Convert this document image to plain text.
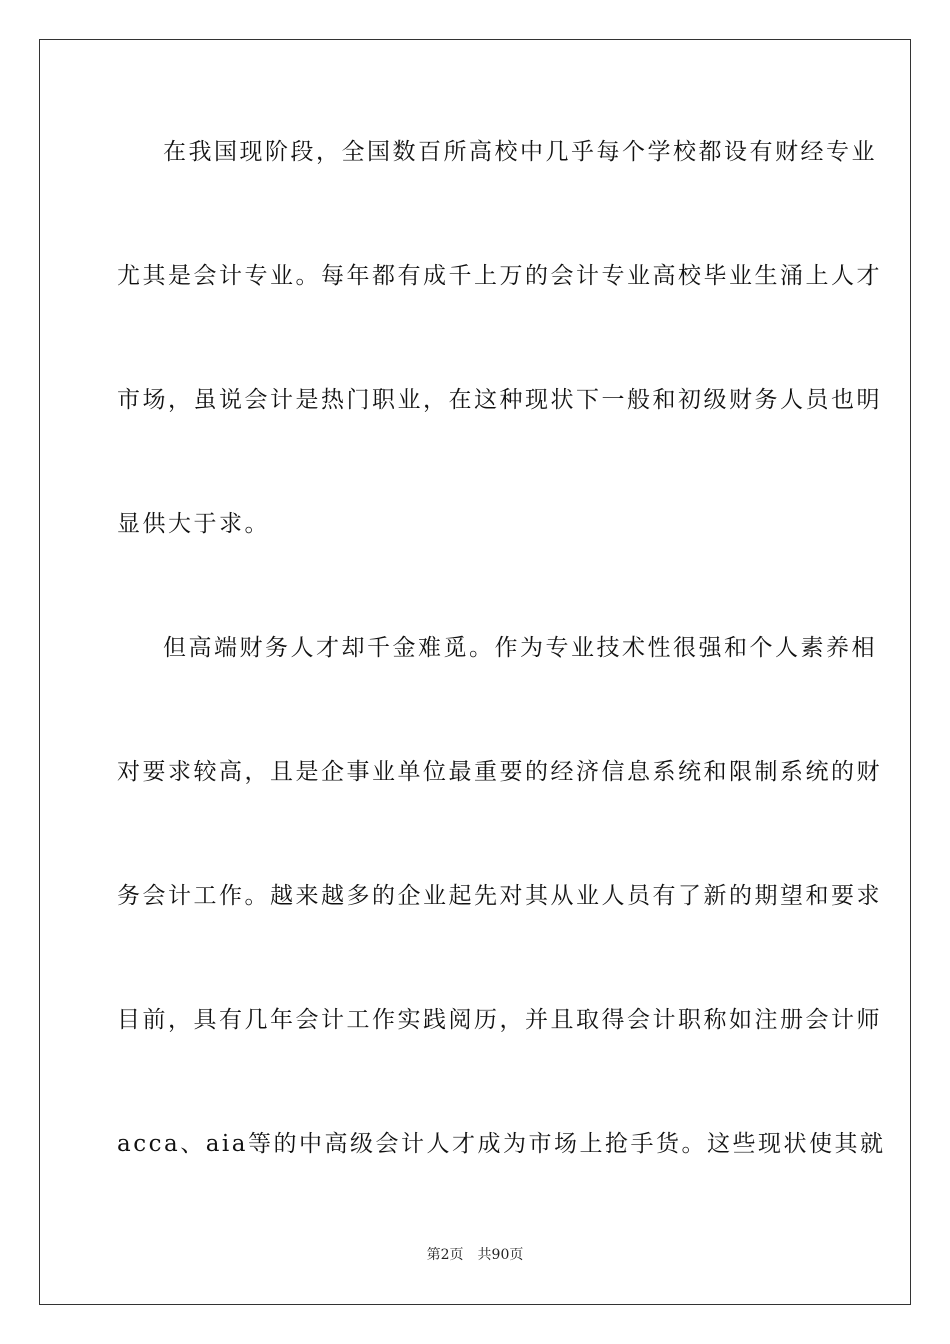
在我国现阶段，全国数百所高校中几乎每个学校都设有财经专业
尤其是会计专业。每年都有成千上万的会计专业高校毕业生涌上人才
市场，虽说会计是热门职业，在这种现状下一般和初级财务人员也明
显供大于求。
但高端财务人才却千金难觅。作为专业技术性很强和个人素养相
对要求较高，且是企事业单位最重要的经济信息系统和限制系统的财
务会计工作。越来越多的企业起先对其从业人员有了新的期望和要求
目前，具有几年会计工作实践阅历，并且取得会计职称如注册会计师
acca、aia等的中高级会计人才成为市场上抢手货。这些现状使其就
第2页 共90页
